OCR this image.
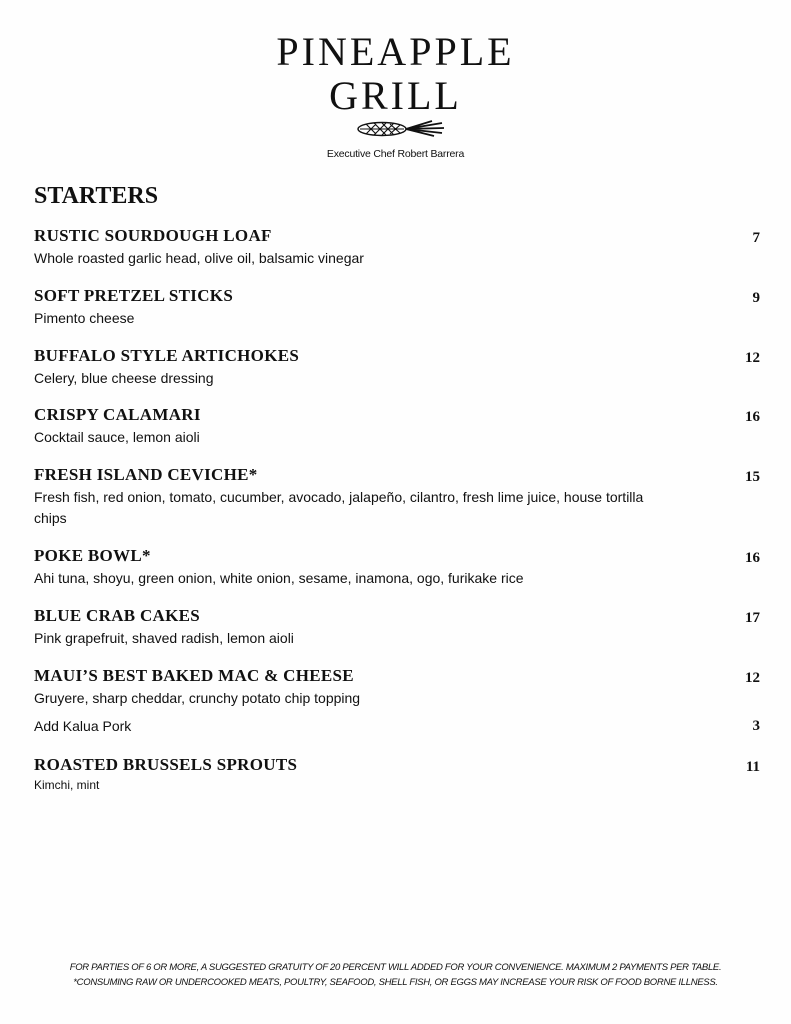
PINEAPPLE
GRILL
Executive Chef Robert Barrera
STARTERS
RUSTIC SOURDOUGH LOAF
Whole roasted garlic head, olive oil, balsamic vinegar
7
SOFT PRETZEL STICKS
Pimento cheese
9
BUFFALO STYLE ARTICHOKES
Celery, blue cheese dressing
12
CRISPY CALAMARI
Cocktail sauce, lemon aioli
16
FRESH ISLAND CEVICHE*
Fresh fish, red onion, tomato, cucumber, avocado, jalapeño, cilantro, fresh lime juice, house tortilla chips
15
POKE BOWL*
Ahi tuna, shoyu, green onion, white onion, sesame, inamona, ogo, furikake rice
16
BLUE CRAB CAKES
Pink grapefruit, shaved radish, lemon aioli
17
MAUI’S BEST BAKED MAC & CHEESE
Gruyere, sharp cheddar, crunchy potato chip topping
12
Add Kalua Pork	3
ROASTED BRUSSELS SPROUTS
Kimchi, mint
11
FOR PARTIES OF 6 OR MORE, A SUGGESTED GRATUITY OF 20 PERCENT WILL ADDED FOR YOUR CONVENIENCE. MAXIMUM 2 PAYMENTS PER TABLE.
*CONSUMING RAW OR UNDERCOOKED MEATS, POULTRY, SEAFOOD, SHELL FISH, OR EGGS MAY INCREASE YOUR RISK OF FOOD BORNE ILLNESS.
